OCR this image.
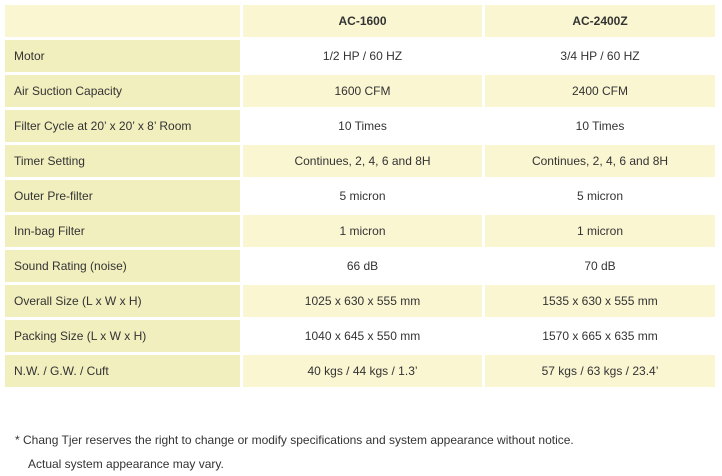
	AC-1600	AC-2400Z
Motor	1/2 HP / 60 HZ	3/4 HP / 60 HZ
Air Suction Capacity	1600 CFM	2400 CFM
Filter Cycle at 20’ x 20’ x 8’ Room	10 Times	10 Times
Timer Setting	Continues, 2, 4, 6 and 8H	Continues, 2, 4, 6 and 8H
Outer Pre-filter	5 micron	5 micron
Inn-bag Filter	1 micron	1 micron
Sound Rating (noise)	66 dB	70 dB
Overall Size (L x W x H)	1025 x 630 x 555 mm	1535 x 630 x 555 mm
Packing Size (L x W x H)	1040 x 645 x 550 mm	1570 x 665 x 635 mm
N.W. / G.W. / Cuft	40 kgs / 44 kgs / 1.3’	57 kgs / 63 kgs / 23.4’
* Chang Tjer reserves the right to change or modify specifications and system appearance without notice.
Actual system appearance may vary.
